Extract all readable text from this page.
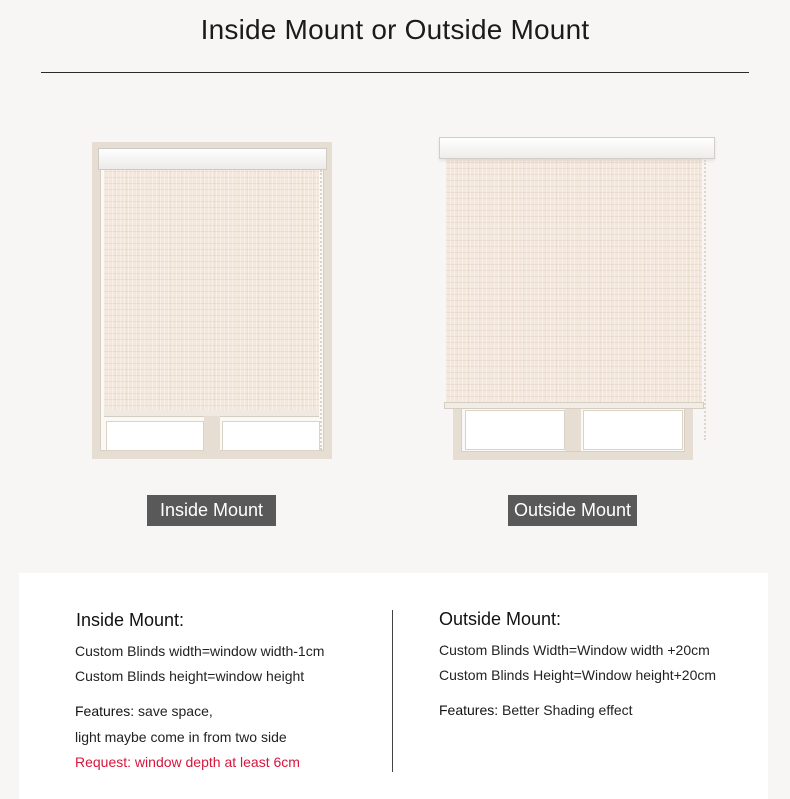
Inside Mount or Outside Mount
Inside Mount	Outside Mount
Inside Mount:
Custom Blinds width=window width-1cm
Custom Blinds height=window height
Features: save space,
light maybe come in from two side
Request: window depth at least 6cm
Outside Mount:
Custom Blinds Width=Window width +20cm
Custom Blinds Height=Window height+20cm
Features: Better Shading effect
